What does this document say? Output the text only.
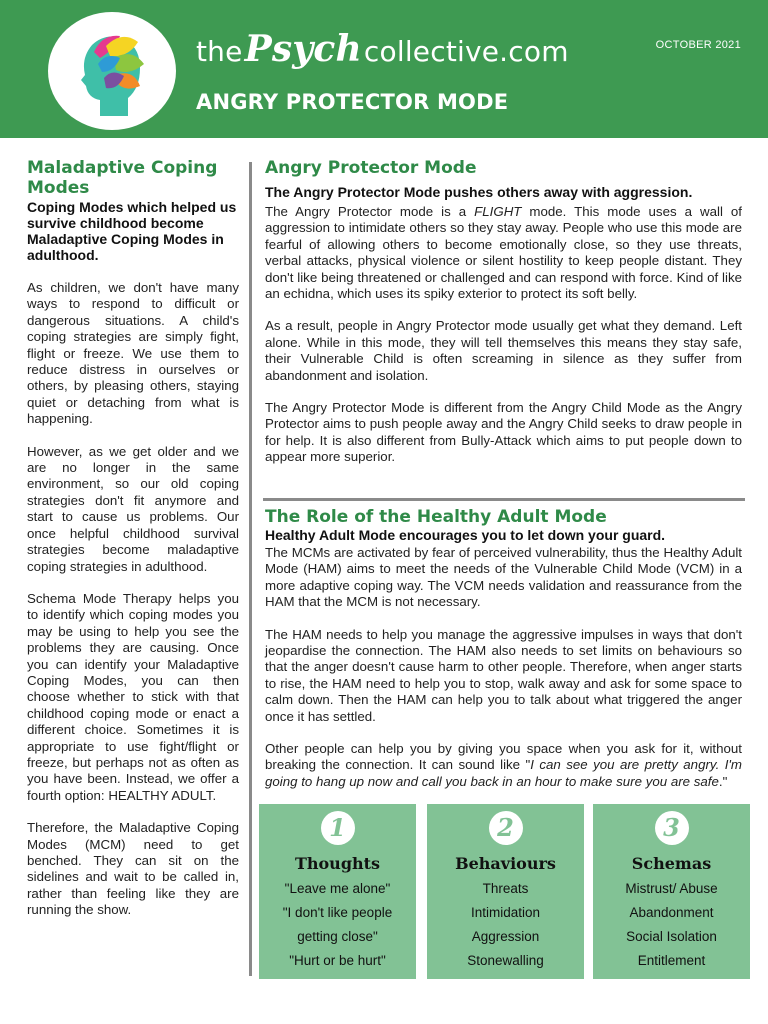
thePsychcollective.com	OCTOBER 2021
ANGRY PROTECTOR MODE
Maladaptive Coping Modes
Coping Modes which helped us survive childhood become Maladaptive Coping Modes in adulthood.

As children, we don't have many ways to respond to difficult or dangerous situations. A child's coping strategies are simply fight, flight or freeze. We use them to reduce distress in ourselves or others, by pleasing others, staying quiet or detaching from what is happening.

However, as we get older and we are no longer in the same environment, so our old coping strategies don't fit anymore and start to cause us problems. Our once helpful childhood survival strategies become maladaptive coping strategies in adulthood.

Schema Mode Therapy helps you to identify which coping modes you may be using to help you see the problems they are causing. Once you can identify your Maladaptive Coping Modes, you can then choose whether to stick with that childhood coping mode or enact a different choice. Sometimes it is appropriate to use fight/flight or freeze, but perhaps not as often as you have been. Instead, we offer a fourth option: HEALTHY ADULT.

Therefore, the Maladaptive Coping Modes (MCM) need to get benched. They can sit on the sidelines and wait to be called in, rather than feeling like they are running the show.

Angry Protector Mode
The Angry Protector Mode pushes others away with aggression.

The Angry Protector mode is a FLIGHT mode. This mode uses a wall of aggression to intimidate others so they stay away. People who use this mode are fearful of allowing others to become emotionally close, so they use threats, verbal attacks, physical violence or silent hostility to keep people distant. They don't like being threatened or challenged and can respond with force. Kind of like an echidna, which uses its spiky exterior to protect its soft belly.

As a result, people in Angry Protector mode usually get what they demand. Left alone. While in this mode, they will tell themselves this means they stay safe, their Vulnerable Child is often screaming in silence as they suffer from abandonment and isolation.

The Angry Protector Mode is different from the Angry Child Mode as the Angry Protector aims to push people away and the Angry Child seeks to draw people in for help. It is also different from Bully-Attack which aims to put people down to appear more superior.

The Role of the Healthy Adult Mode
Healthy Adult Mode encourages you to let down your guard.

The MCMs are activated by fear of perceived vulnerability, thus the Healthy Adult Mode (HAM) aims to meet the needs of the Vulnerable Child Mode (VCM) in a more adaptive coping way. The VCM needs validation and reassurance from the HAM that the MCM is not necessary.

The HAM needs to help you manage the aggressive impulses in ways that don't jeopardise the connection. The HAM also needs to set limits on behaviours so that the anger doesn't cause harm to other people. Therefore, when anger starts to rise, the HAM need to help you to stop, walk away and ask for some space to calm down. Then the HAM can help you to talk about what triggered the anger once it has settled.

Other people can help you by giving you space when you ask for it, without breaking the connection. It can sound like "I can see you are pretty angry. I'm going to hang up now and call you back in an hour to make sure you are safe."

1
Thoughts
"Leave me alone"
"I don't like people
getting close"
"Hurt or be hurt"
2
Behaviours
Threats
Intimidation
Aggression
Stonewalling
3
Schemas
Mistrust/ Abuse
Abandonment
Social Isolation
Entitlement
